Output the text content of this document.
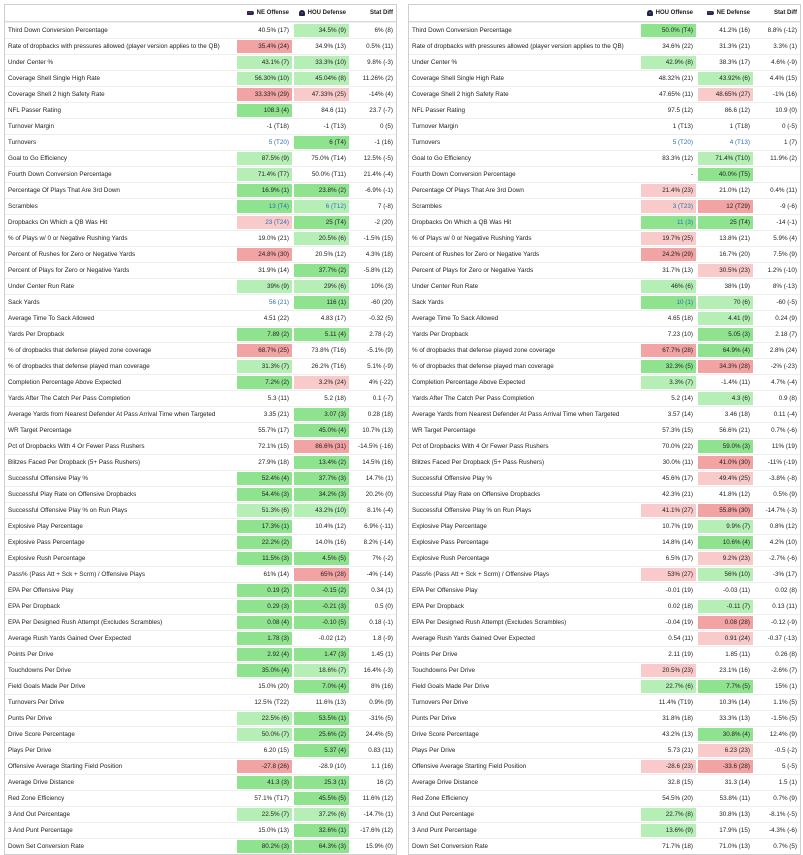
NE Offense	HOU Defense	Stat Diff
Third Down Conversion Percentage	40.5% (17)	34.5% (9)	6% (8)
Rate of dropbacks with pressures allowed (player version applies to the QB)	35.4% (24)	34.9% (13)	0.5% (11)
Under Center %	43.1% (7)	33.3% (10)	9.8% (-3)
Coverage Shell Single High Rate	56.30% (10)	45.04% (8)	11.26% (2)
Coverage Shell 2 high Safety Rate	33.33% (29)	47.33% (25)	-14% (4)
NFL Passer Rating	108.3 (4)	84.6 (11)	23.7 (-7)
Turnover Margin	-1 (T18)	-1 (T13)	0 (5)
Turnovers	5 (T20)	6 (T4)	-1 (16)
Goal to Go Efficiency	87.5% (9)	75.0% (T14)	12.5% (-5)
Fourth Down Conversion Percentage	71.4% (T7)	50.0% (T11)	21.4% (-4)
Percentage Of Plays That Are 3rd Down	16.9% (1)	23.8% (2)	-6.9% (-1)
Scrambles	13 (T4)	6 (T12)	7 (-8)
Dropbacks On Which a QB Was Hit	23 (T24)	25 (T4)	-2 (20)
% of Plays w/ 0 or Negative Rushing Yards	19.0% (21)	20.5% (6)	-1.5% (15)
Percent of Rushes for Zero or Negative Yards	24.8% (30)	20.5% (12)	4.3% (18)
Percent of Plays for Zero or Negative Yards	31.9% (14)	37.7% (2)	-5.8% (12)
Under Center Run Rate	39% (9)	29% (6)	10% (3)
Sack Yards	56 (21)	116 (1)	-60 (20)
Average Time To Sack Allowed	4.51 (22)	4.83 (17)	-0.32 (5)
Yards Per Dropback	7.89 (2)	5.11 (4)	2.78 (-2)
% of dropbacks that defense played zone coverage	68.7% (25)	73.8% (T16)	-5.1% (9)
% of dropbacks that defense played man coverage	31.3% (7)	26.2% (T16)	5.1% (-9)
Completion Percentage Above Expected	7.2% (2)	3.2% (24)	4% (-22)
Yards After The Catch Per Pass Completion	5.3 (11)	5.2 (18)	0.1 (-7)
Average Yards from Nearest Defender At Pass Arrival Time when Targeted	3.35 (21)	3.07 (3)	0.28 (18)
WR Target Percentage	55.7% (17)	45.0% (4)	10.7% (13)
Pct of Dropbacks With 4 Or Fewer Pass Rushers	72.1% (15)	86.6% (31)	-14.5% (-16)
Blitzes Faced Per Dropback (5+ Pass Rushers)	27.9% (18)	13.4% (2)	14.5% (16)
Successful Offensive Play %	52.4% (4)	37.7% (3)	14.7% (1)
Successful Play Rate on Offensive Dropbacks	54.4% (3)	34.2% (3)	20.2% (0)
Successful Offensive Play % on Run Plays	51.3% (6)	43.2% (10)	8.1% (-4)
Explosive Play Percentage	17.3% (1)	10.4% (12)	6.9% (-11)
Explosive Pass Percentage	22.2% (2)	14.0% (16)	8.2% (-14)
Explosive Rush Percentage	11.5% (3)	4.5% (5)	7% (-2)
Pass% (Pass Att + Sck + Scrm) / Offensive Plays	61% (14)	65% (28)	-4% (-14)
EPA Per Offensive Play	0.19 (2)	-0.15 (2)	0.34 (1)
EPA Per Dropback	0.29 (3)	-0.21 (3)	0.5 (0)
EPA Per Designed Rush Attempt (Excludes Scrambles)	0.08 (4)	-0.10 (5)	0.18 (-1)
Average Rush Yards Gained Over Expected	1.78 (3)	-0.02 (12)	1.8 (-9)
Points Per Drive	2.92 (4)	1.47 (3)	1.45 (1)
Touchdowns Per Drive	35.0% (4)	18.6% (7)	16.4% (-3)
Field Goals Made Per Drive	15.0% (20)	7.0% (4)	8% (16)
Turnovers Per Drive	12.5% (T22)	11.6% (13)	0.9% (9)
Punts Per Drive	22.5% (6)	53.5% (1)	-31% (5)
Drive Score Percentage	50.0% (7)	25.6% (2)	24.4% (5)
Plays Per Drive	6.20 (15)	5.37 (4)	0.83 (11)
Offensive Average Starting Field Position	-27.8 (26)	-28.9 (10)	1.1 (16)
Average Drive Distance	41.3 (3)	25.3 (1)	16 (2)
Red Zone Efficiency	57.1% (T17)	45.5% (5)	11.6% (12)
3 And Out Percentage	22.5% (7)	37.2% (6)	-14.7% (1)
3 And Punt Percentage	15.0% (13)	32.6% (1)	-17.6% (12)
Down Set Conversion Rate	80.2% (3)	64.3% (3)	15.9% (0)
HOU Offense	NE Defense	Stat Diff
Third Down Conversion Percentage	50.0% (T4)	41.2% (16)	8.8% (-12)
Rate of dropbacks with pressures allowed (player version applies to the QB)	34.6% (22)	31.3% (21)	3.3% (1)
Under Center %	42.9% (8)	38.3% (17)	4.6% (-9)
Coverage Shell Single High Rate	48.32% (21)	43.92% (6)	4.4% (15)
Coverage Shell 2 high Safety Rate	47.65% (11)	48.65% (27)	-1% (16)
NFL Passer Rating	97.5 (12)	86.6 (12)	10.9 (0)
Turnover Margin	1 (T13)	1 (T18)	0 (-5)
Turnovers	5 (T20)	4 (T13)	1 (7)
Goal to Go Efficiency	83.3% (12)	71.4% (T10)	11.9% (2)
Fourth Down Conversion Percentage	-	40.0% (T5)
Percentage Of Plays That Are 3rd Down	21.4% (23)	21.0% (12)	0.4% (11)
Scrambles	3 (T23)	12 (T29)	-9 (-6)
Dropbacks On Which a QB Was Hit	11 (3)	25 (T4)	-14 (-1)
% of Plays w/ 0 or Negative Rushing Yards	19.7% (25)	13.8% (21)	5.9% (4)
Percent of Rushes for Zero or Negative Yards	24.2% (29)	16.7% (20)	7.5% (9)
Percent of Plays for Zero or Negative Yards	31.7% (13)	30.5% (23)	1.2% (-10)
Under Center Run Rate	46% (6)	38% (19)	8% (-13)
Sack Yards	10 (1)	70 (6)	-60 (-5)
Average Time To Sack Allowed	4.65 (18)	4.41 (9)	0.24 (9)
Yards Per Dropback	7.23 (10)	5.05 (3)	2.18 (7)
% of dropbacks that defense played zone coverage	67.7% (28)	64.9% (4)	2.8% (24)
% of dropbacks that defense played man coverage	32.3% (5)	34.3% (28)	-2% (-23)
Completion Percentage Above Expected	3.3% (7)	-1.4% (11)	4.7% (-4)
Yards After The Catch Per Pass Completion	5.2 (14)	4.3 (6)	0.9 (8)
Average Yards from Nearest Defender At Pass Arrival Time when Targeted	3.57 (14)	3.46 (18)	0.11 (-4)
WR Target Percentage	57.3% (15)	56.6% (21)	0.7% (-6)
Pct of Dropbacks With 4 Or Fewer Pass Rushers	70.0% (22)	59.0% (3)	11% (19)
Blitzes Faced Per Dropback (5+ Pass Rushers)	30.0% (11)	41.0% (30)	-11% (-19)
Successful Offensive Play %	45.6% (17)	49.4% (25)	-3.8% (-8)
Successful Play Rate on Offensive Dropbacks	42.3% (21)	41.8% (12)	0.5% (9)
Successful Offensive Play % on Run Plays	41.1% (27)	55.8% (30)	-14.7% (-3)
Explosive Play Percentage	10.7% (19)	9.9% (7)	0.8% (12)
Explosive Pass Percentage	14.8% (14)	10.6% (4)	4.2% (10)
Explosive Rush Percentage	6.5% (17)	9.2% (23)	-2.7% (-6)
Pass% (Pass Att + Sck + Scrm) / Offensive Plays	53% (27)	56% (10)	-3% (17)
EPA Per Offensive Play	-0.01 (19)	-0.03 (11)	0.02 (8)
EPA Per Dropback	0.02 (18)	-0.11 (7)	0.13 (11)
EPA Per Designed Rush Attempt (Excludes Scrambles)	-0.04 (19)	0.08 (28)	-0.12 (-9)
Average Rush Yards Gained Over Expected	0.54 (11)	0.91 (24)	-0.37 (-13)
Points Per Drive	2.11 (19)	1.85 (11)	0.26 (8)
Touchdowns Per Drive	20.5% (23)	23.1% (16)	-2.6% (7)
Field Goals Made Per Drive	22.7% (6)	7.7% (5)	15% (1)
Turnovers Per Drive	11.4% (T19)	10.3% (14)	1.1% (5)
Punts Per Drive	31.8% (18)	33.3% (13)	-1.5% (5)
Drive Score Percentage	43.2% (13)	30.8% (4)	12.4% (9)
Plays Per Drive	5.73 (21)	6.23 (23)	-0.5 (-2)
Offensive Average Starting Field Position	-28.6 (23)	-33.6 (28)	5 (-5)
Average Drive Distance	32.8 (15)	31.3 (14)	1.5 (1)
Red Zone Efficiency	54.5% (20)	53.8% (11)	0.7% (9)
3 And Out Percentage	22.7% (8)	30.8% (13)	-8.1% (-5)
3 And Punt Percentage	13.6% (9)	17.9% (15)	-4.3% (-6)
Down Set Conversion Rate	71.7% (18)	71.0% (13)	0.7% (5)
